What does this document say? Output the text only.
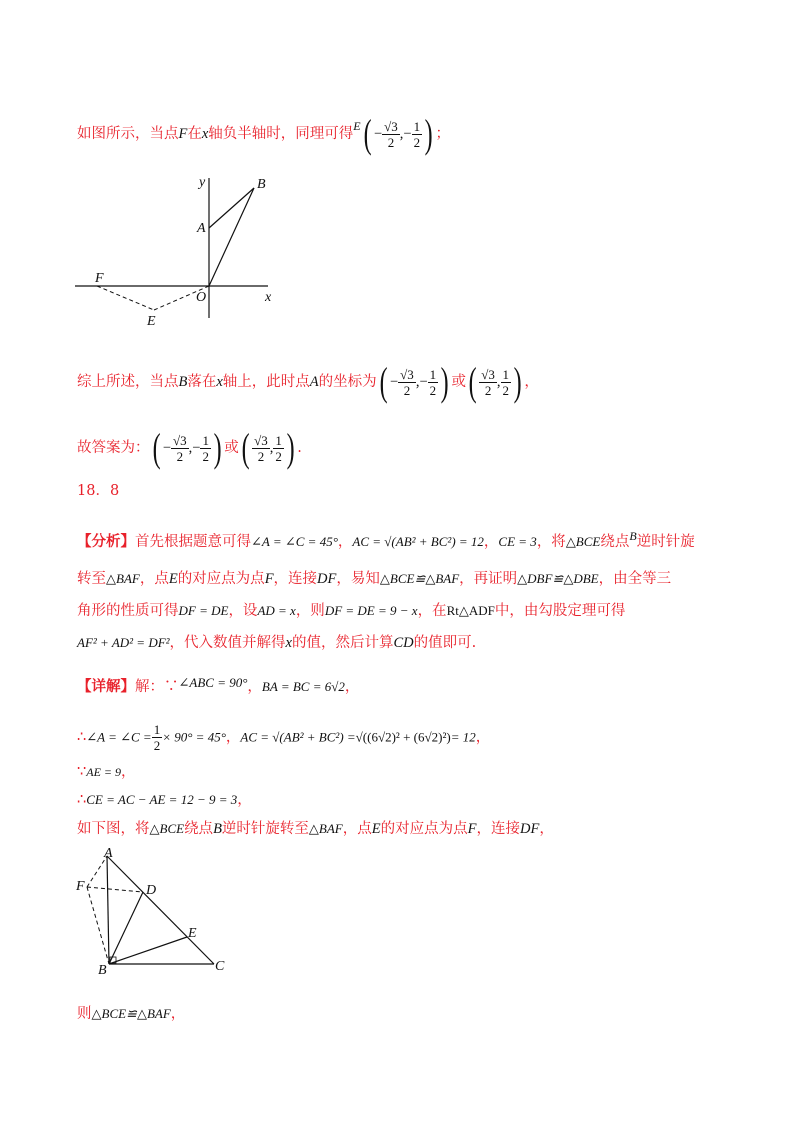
如图所示，当点F在x轴负半轴时，同理可得$^E( - \frac{√3}{2}$ ,− $\frac{1}{2}$ ) ；
y	B
A
F
O	x
E
综上所述，当点B落在x轴上，此时点A的坐标为( − $\frac{√3}{2}$ ,− $\frac{1}{2}$ ) 或( $\frac{√3}{2}$ , $\frac{1}{2}$ ) ，
故答案为：( − $\frac{√3}{2}$ ,− $\frac{1}{2}$ ) 或( $\frac{√3}{2}$ , $\frac{1}{2}$ ) .
18．8
【分析】首先根据题意可得∠A = ∠C = 45°，AC = √(AB² + BC²) = 12，CE = 3，将△BCE绕点$^B$逆时针旋
转至△BAF，点E的对应点为点F，连接DF，易知△BCE≌△BAF，再证明△DBF≌△DBE，由全等三
角形的性质可得DF = DE，设AD = x，则DF = DE = 9 − x，在Rt△ADF中，由勾股定理可得
AF² + AD² = DF²，代入数值并解得x的值，然后计算CD的值即可.
【详解】解：∵∠ABC = 90°，BA = BC = 6√2，
∴∠A = ∠C = $\frac{1}{2} \times 90^\circ = 45^\circ$，AC = √(AB² + BC²) =√((6√2)² + (6√2)²)= 12，
∵AE = 9，
∴CE = AC − AE = 12 − 9 = 3，
如下图，将△BCE绕点B逆时针旋转至△BAF，点E的对应点为点F，连接DF，
A
F	D
E
B	C
则△BCE≌△BAF，
